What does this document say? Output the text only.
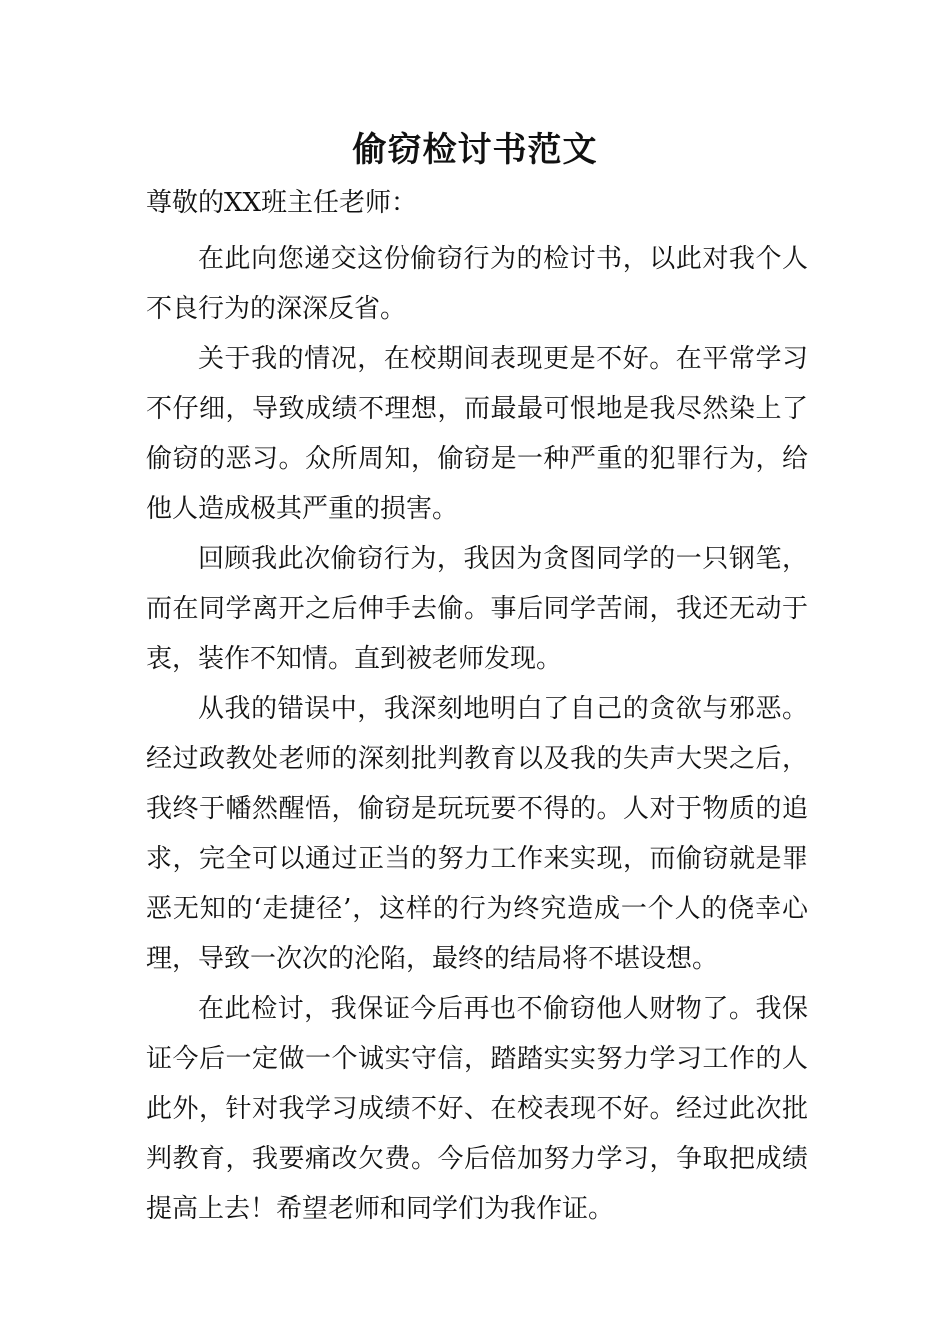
偷窃检讨书范文

尊敬的XX班主任老师：

在此向您递交这份偷窃行为的检讨书，以此对我个人不良行为的深深反省。

关于我的情况，在校期间表现更是不好。在平常学习不仔细，导致成绩不理想，而最最可恨地是我尽然染上了偷窃的恶习。众所周知，偷窃是一种严重的犯罪行为，给他人造成极其严重的损害。

回顾我此次偷窃行为，我因为贪图同学的一只钢笔，而在同学离开之后伸手去偷。事后同学苦闹，我还无动于衷，装作不知情。直到被老师发现。

从我的错误中，我深刻地明白了自己的贪欲与邪恶。经过政教处老师的深刻批判教育以及我的失声大哭之后，我终于幡然醒悟，偷窃是玩玩要不得的。人对于物质的追求，完全可以通过正当的努力工作来实现，而偷窃就是罪恶无知的‘走捷径’，这样的行为终究造成一个人的侥幸心理，导致一次次的沦陷，最终的结局将不堪设想。

在此检讨，我保证今后再也不偷窃他人财物了。我保证今后一定做一个诚实守信，踏踏实实努力学习工作的人此外，针对我学习成绩不好、在校表现不好。经过此次批判教育，我要痛改欠费。今后倍加努力学习，争取把成绩提高上去！希望老师和同学们为我作证。
